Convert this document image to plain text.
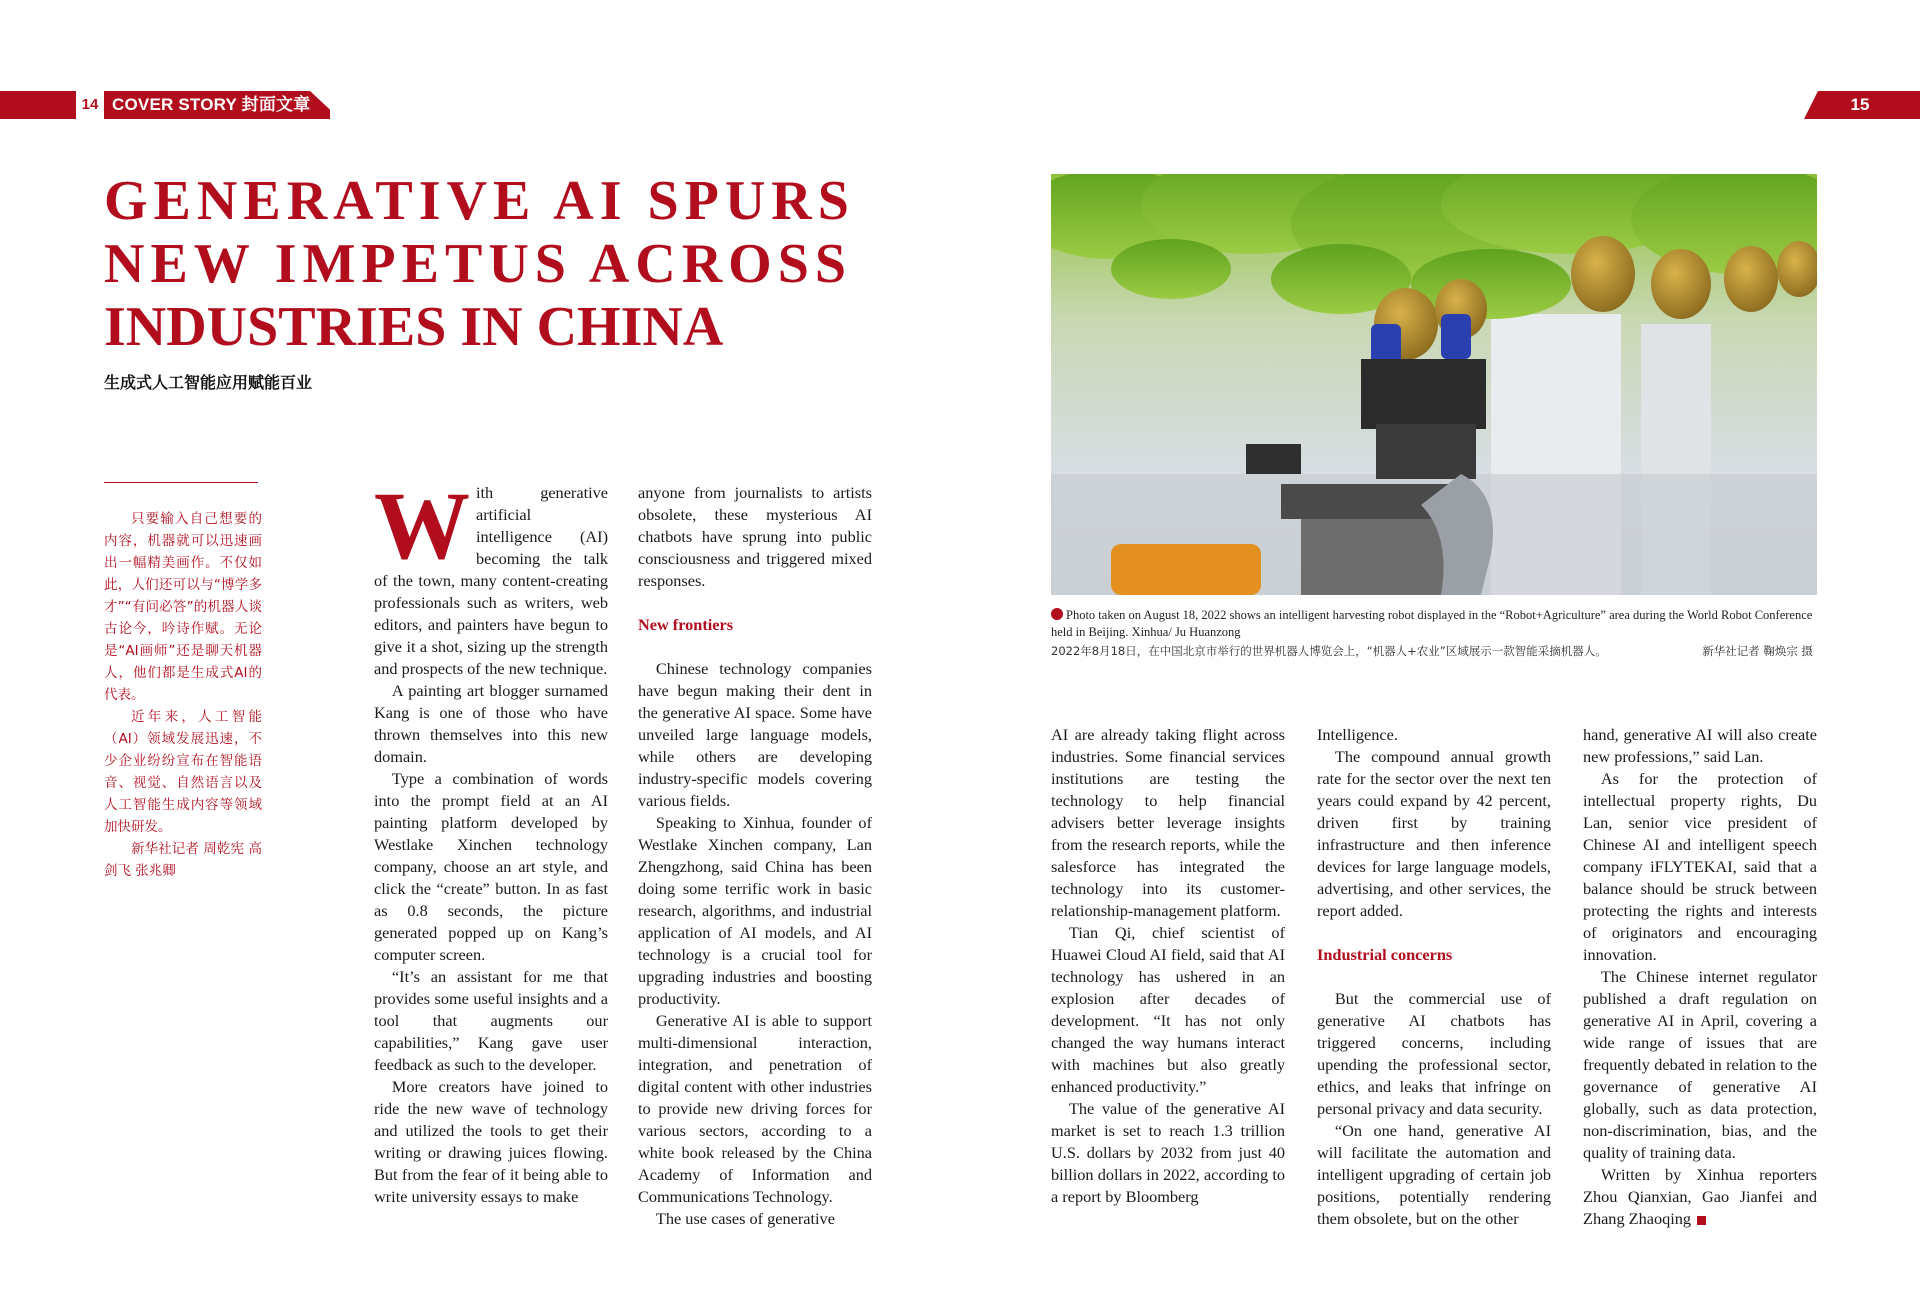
14 COVER STORY 封面文章	15
GENERATIVE AI SPURS
NEW IMPETUS ACROSS
INDUSTRIES IN CHINA
生成式人工智能应用赋能百业

只要输入自己想要的内容，机器就可以迅速画出一幅精美画作。不仅如此，人们还可以与“博学多才”“有问必答”的机器人谈古论今，吟诗作赋。无论是“AI画师”还是聊天机器人，他们都是生成式AI的代表。

近年来，人工智能（AI）领域发展迅速，不少企业纷纷宣布在智能语音、视觉、自然语言以及人工智能生成内容等领域加快研发。

新华社记者 周乾宪 高剑飞 张兆卿

With generative artificial intelligence (AI) becoming the talk of the town, many content-creating professionals such as writers, web editors, and painters have begun to give it a shot, sizing up the strength and prospects of the new technique.

A painting art blogger surnamed Kang is one of those who have thrown themselves into this new domain.

Type a combination of words into the prompt field at an AI painting platform developed by Westlake Xinchen technology company, choose an art style, and click the “create” button. In as fast as 0.8 seconds, the picture generated popped up on Kang’s computer screen.

“It’s an assistant for me that provides some useful insights and a tool that augments our capabilities,” Kang gave user feedback as such to the developer.

More creators have joined to ride the new wave of technology and utilized the tools to get their writing or drawing juices flowing. But from the fear of it being able to write university essays to make

anyone from journalists to artists obsolete, these mysterious AI chatbots have sprung into public consciousness and triggered mixed responses.

New frontiers

Chinese technology companies have begun making their dent in the generative AI space. Some have unveiled large language models, while others are developing industry-specific models covering various fields.

Speaking to Xinhua, founder of Westlake Xinchen company, Lan Zhengzhong, said China has been doing some terrific work in basic research, algorithms, and industrial application of AI models, and AI technology is a crucial tool for upgrading industries and boosting productivity.

Generative AI is able to support multi-dimensional interaction, integration, and penetration of digital content with other industries to provide new driving forces for various sectors, according to a white book released by the China Academy of Information and Communications Technology.

The use cases of generative

Photo taken on August 18, 2022 shows an intelligent harvesting robot displayed in the “Robot+Agriculture” area during the World Robot Conference held in Beijing. Xinhua/ Ju Huanzong
2022年8月18日，在中国北京市举行的世界机器人博览会上，“机器人+农业”区域展示一款智能采摘机器人。	新华社记者 鞠焕宗 摄

AI are already taking flight across industries. Some financial services institutions are testing the technology to help financial advisers better leverage insights from the research reports, while the salesforce has integrated the technology into its customer-relationship-management platform.

Tian Qi, chief scientist of Huawei Cloud AI field, said that AI technology has ushered in an explosion after decades of development. “It has not only changed the way humans interact with machines but also greatly enhanced productivity.”

The value of the generative AI market is set to reach 1.3 trillion U.S. dollars by 2032 from just 40 billion dollars in 2022, according to a report by Bloomberg

Intelligence.

The compound annual growth rate for the sector over the next ten years could expand by 42 percent, driven first by training infrastructure and then inference devices for large language models, advertising, and other services, the report added.

Industrial concerns

But the commercial use of generative AI chatbots has triggered concerns, including upending the professional sector, ethics, and leaks that infringe on personal privacy and data security.

“On one hand, generative AI will facilitate the automation and intelligent upgrading of certain job positions, potentially rendering them obsolete, but on the other

hand, generative AI will also create new professions,” said Lan.

As for the protection of intellectual property rights, Du Lan, senior vice president of Chinese AI and intelligent speech company iFLYTEKAI, said that a balance should be struck between protecting the rights and interests of originators and encouraging innovation.

The Chinese internet regulator published a draft regulation on generative AI in April, covering a wide range of issues that are frequently debated in relation to the governance of generative AI globally, such as data protection, non-discrimination, bias, and the quality of training data.

Written by Xinhua reporters Zhou Qianxian, Gao Jianfei and Zhang Zhaoqing
